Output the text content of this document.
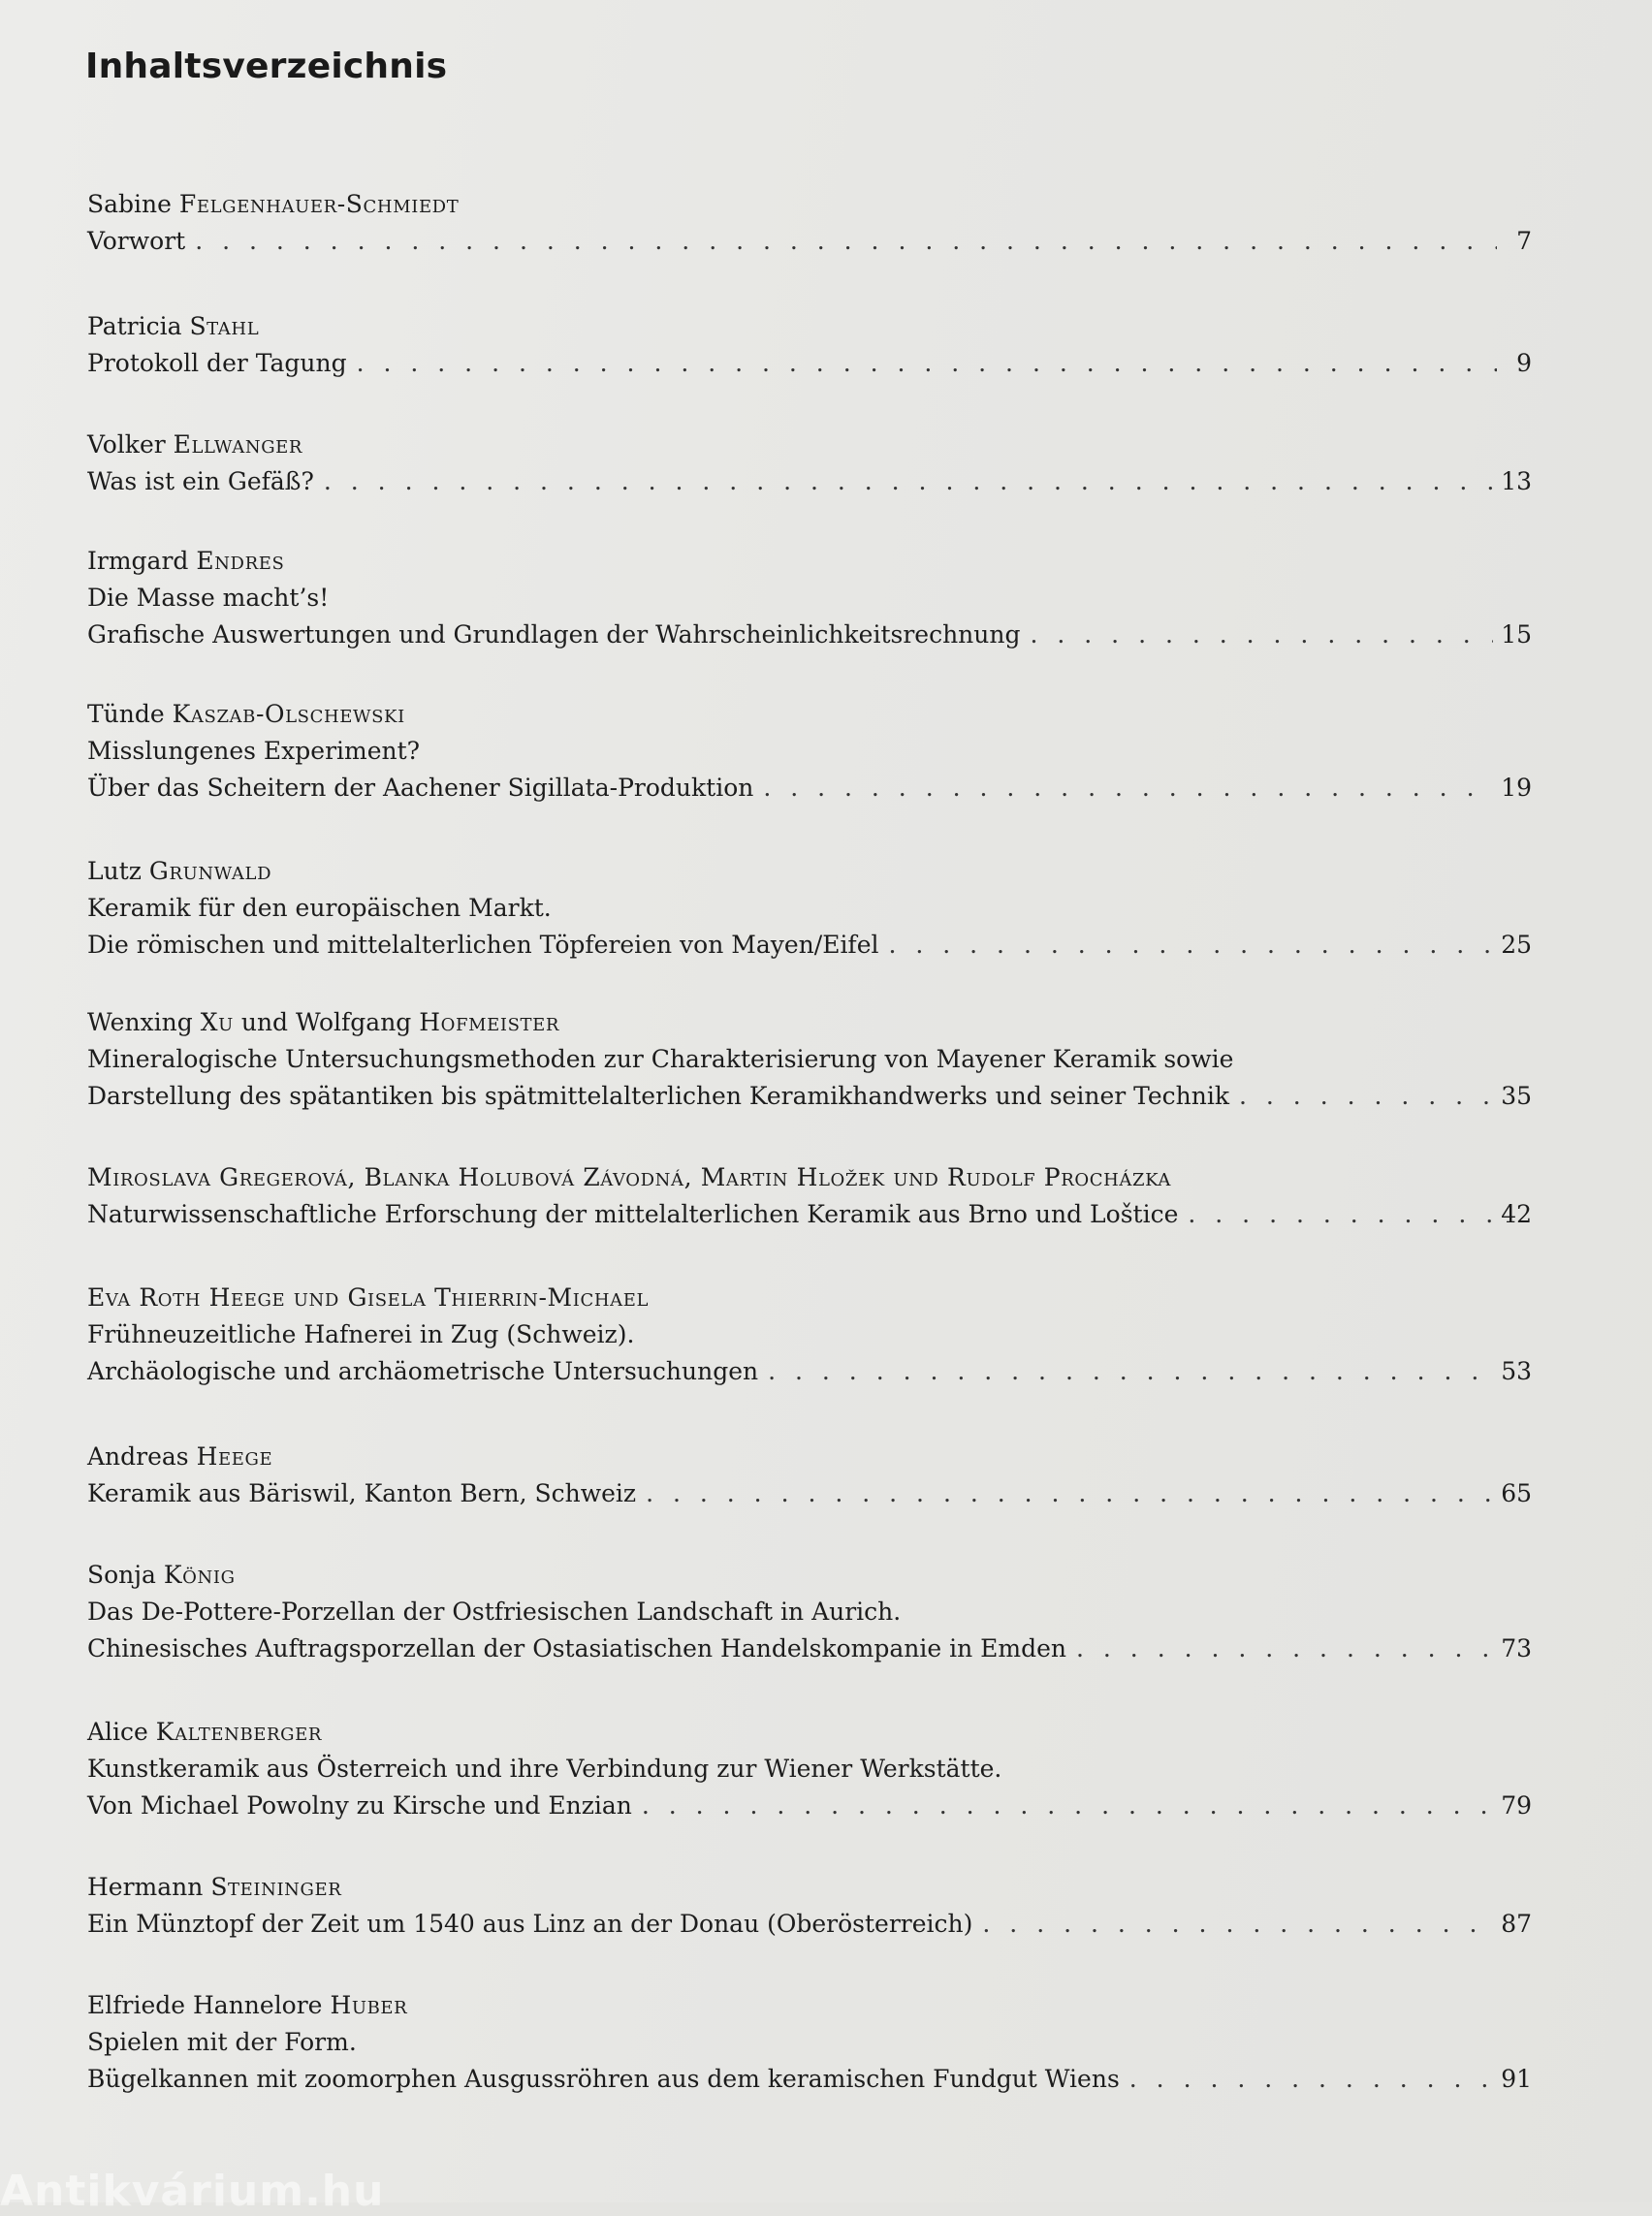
Inhaltsverzeichnis
Sabine
Felgenhauer-Schmiedt
Vorwort . . .	7
Patricia
Stahl
Protokoll der Tagung . . .	9
Volker
Ellwanger
Was ist ein Gefäß? . . .	13
Irmgard
Endres
Die Masse macht’s!
Grafische Auswertungen und Grundlagen der Wahrscheinlichkeitsrechnung . . .	15
Tünde
Kaszab-Olschewski
Misslungenes Experiment?
Über das Scheitern der Aachener Sigillata-Produktion . . .	19
Lutz
Grunwald
Keramik für den europäischen Markt.
Die römischen und mittelalterlichen Töpfereien von Mayen/Eifel . . .	25
Wenxing
Xu
und Wolfgang
Hofmeister
Mineralogische Untersuchungsmethoden zur Charakterisierung von Mayener Keramik sowie
Darstellung des spätantiken bis spätmittelalterlichen Keramikhandwerks und seiner Technik . . .	35
Miroslava Gregerová, Blanka Holubová Závodná, Martin Hložek und Rudolf Procházka
Naturwissenschaftliche Erforschung der mittelalterlichen Keramik aus Brno und Loštice . . .	42
Eva Roth Heege und Gisela Thierrin-Michael
Frühneuzeitliche Hafnerei in Zug (Schweiz).
Archäologische und archäometrische Untersuchungen . . .	53
Andreas
Heege
Keramik aus Bäriswil, Kanton Bern, Schweiz . . .	65
Sonja
König
Das De-Pottere-Porzellan der Ostfriesischen Landschaft in Aurich.
Chinesisches Auftragsporzellan der Ostasiatischen Handelskompanie in Emden . . .	73
Alice
Kaltenberger
Kunstkeramik aus Österreich und ihre Verbindung zur Wiener Werkstätte.
Von Michael Powolny zu Kirsche und Enzian . . .	79
Hermann
Steininger
Ein Münztopf der Zeit um 1540 aus Linz an der Donau (Oberösterreich) . . .	87
Elfriede Hannelore
Huber
Spielen mit der Form.
Bügelkannen mit zoomorphen Ausgussröhren aus dem keramischen Fundgut Wiens . . .	91
Antikvárium.hu
